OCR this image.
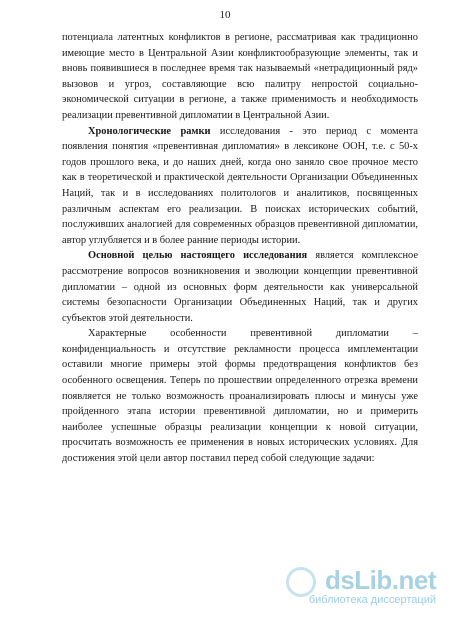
10

потенциала латентных конфликтов в регионе, рассматривая как традиционно имеющие место в Центральной Азии конфликтообразующие элементы, так и вновь появившиеся в последнее время так называемый «нетрадиционный ряд» вызовов и угроз, составляющие всю палитру непростой социально-экономической ситуации в регионе, а также применимость и необходимость реализации превентивной дипломатии в Центральной Азии.

Хронологические рамки исследования - это период с момента появления понятия «превентивная дипломатия» в лексиконе ООН, т.е. с 50-х годов прошлого века, и до наших дней, когда оно заняло свое прочное место как в теоретической и практической деятельности Организации Объединенных Наций, так и в исследованиях политологов и аналитиков, посвященных различным аспектам его реализации. В поисках исторических событий, послуживших аналогией для современных образцов превентивной дипломатии, автор углубляется и в более ранние периоды истории.

Основной целью настоящего исследования является комплексное рассмотрение вопросов возникновения и эволюции концепции превентивной дипломатии – одной из основных форм деятельности как универсальной системы безопасности Организации Объединенных Наций, так и других субъектов этой деятельности.

Характерные особенности превентивной дипломатии – конфиденциальность и отсутствие рекламности процесса имплементации оставили многие примеры этой формы предотвращения конфликтов без особенного освещения. Теперь по прошествии определенного отрезка времени появляется не только возможность проанализировать плюсы и минусы уже пройденного этапа истории превентивной дипломатии, но и примерить наиболее успешные образцы реализации концепции к новой ситуации, просчитать возможность ее применения в новых исторических условиях. Для достижения этой цели автор поставил перед собой следующие задачи:

dsLib.net
библиотека диссертаций
